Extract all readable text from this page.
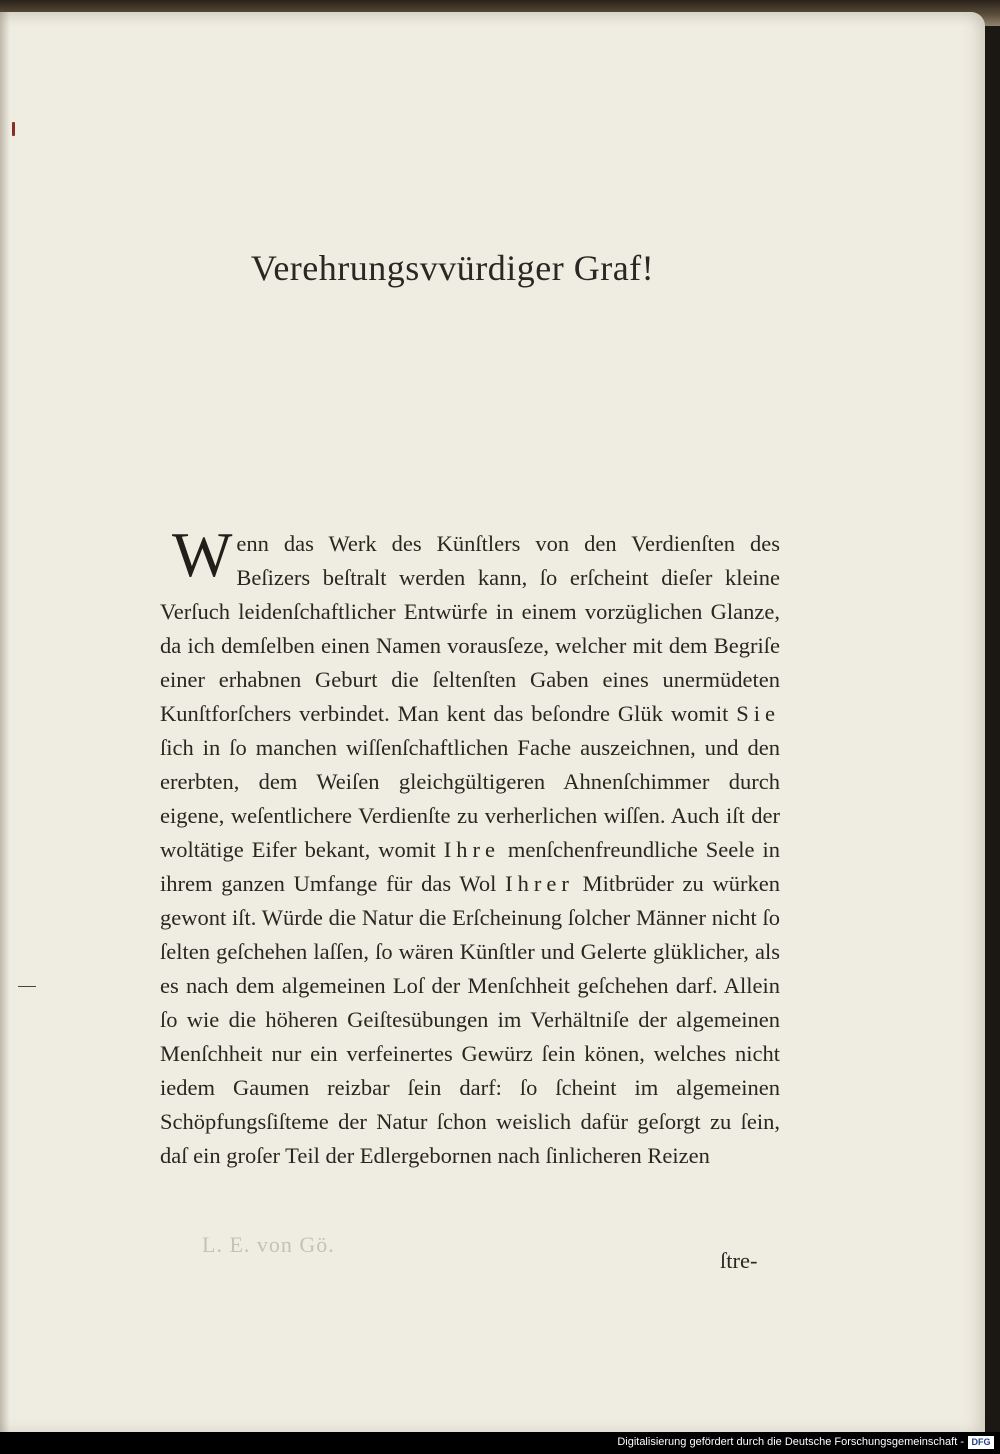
Verehrungsvvürdiger Graf!

Wenn das Werk des Künſtlers von den Verdienſten des Beſizers beſtralt werden kann, ſo erſcheint dieſer kleine Verſuch leidenſchaftlicher Entwürfe in einem vorzüglichen Glanze, da ich demſelben einen Namen vorausſeze, welcher mit dem Begriſe einer erhabnen Geburt die ſeltenſten Gaben eines unermüdeten Kunſtforſchers verbindet. Man kent das beſondre Glük womit Sie ſich in ſo manchen wiſſenſchaftlichen Fache auszeichnen, und den ererbten, dem Weiſen gleichgültigeren Ahnenſchimmer durch eigene, weſentlichere Verdienſte zu verherlichen wiſſen. Auch iſt der woltätige Eifer bekant, womit Ihre menſchenfreundliche Seele in ihrem ganzen Umfange für das Wol Ihrer Mitbrüder zu würken gewont iſt. Würde die Natur die Erſcheinung ſolcher Männer nicht ſo ſelten geſchehen laſſen, ſo wären Künſtler und Gelerte glüklicher, als es nach dem algemeinen Loſ der Menſchheit geſchehen darf. Allein ſo wie die höheren Geiſtesübungen im Verhältniſe der algemeinen Menſchheit nur ein verfeinertes Gewürz ſein könen, welches nicht iedem Gaumen reizbar ſein darf: ſo ſcheint im algemeinen Schöpfungsſiſteme der Natur ſchon weislich dafür geſorgt zu ſein, daſ ein groſer Teil der Edlergebornen nach ſinlicheren Reizen

L. E. von Gö.
ſtre-
Digitalisierung gefördert durch die Deutsche Forschungsgemeinschaft - DFG
